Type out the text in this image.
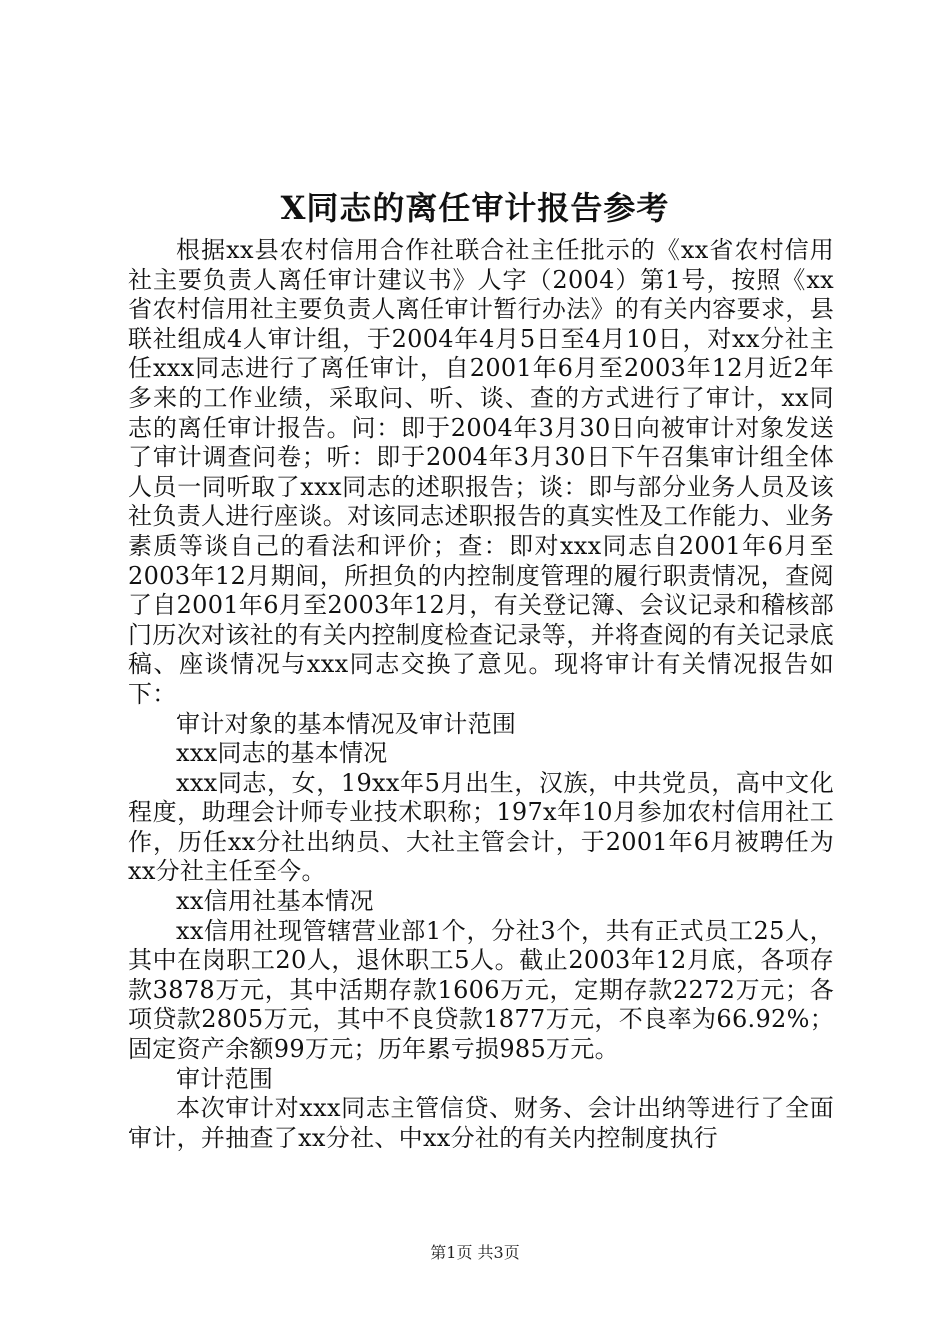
X同志的离任审计报告参考

根据xx县农村信用合作社联合社主任批示的《xx省农村信用社主要负责人离任审计建议书》人字（2004）第1号，按照《xx省农村信用社主要负责人离任审计暂行办法》的有关内容要求，县联社组成4人审计组，于2004年4月5日至4月10日，对xx分社主任xxx同志进行了离任审计，自2001年6月至2003年12月近2年多来的工作业绩，采取问、听、谈、查的方式进行了审计，xx同志的离任审计报告。问：即于2004年3月30日向被审计对象发送了审计调查问卷；听：即于2004年3月30日下午召集审计组全体人员一同听取了xxx同志的述职报告；谈：即与部分业务人员及该社负责人进行座谈。对该同志述职报告的真实性及工作能力、业务素质等谈自己的看法和评价；查：即对xxx同志自2001年6月至2003年12月期间，所担负的内控制度管理的履行职责情况，查阅了自2001年6月至2003年12月，有关登记簿、会议记录和稽核部门历次对该社的有关内控制度检查记录等，并将查阅的有关记录底稿、座谈情况与xxx同志交换了意见。现将审计有关情况报告如下：

审计对象的基本情况及审计范围

xxx同志的基本情况

xxx同志，女，19xx年5月出生，汉族，中共党员，高中文化程度，助理会计师专业技术职称；197x年10月参加农村信用社工作，历任xx分社出纳员、大社主管会计，于2001年6月被聘任为xx分社主任至今。

xx信用社基本情况

xx信用社现管辖营业部1个，分社3个，共有正式员工25人，其中在岗职工20人，退休职工5人。截止2003年12月底，各项存款3878万元，其中活期存款1606万元，定期存款2272万元；各项贷款2805万元，其中不良贷款1877万元，不良率为66.92%；固定资产余额99万元；历年累亏损985万元。

审计范围

本次审计对xxx同志主管信贷、财务、会计出纳等进行了全面审计，并抽查了xx分社、中xx分社的有关内控制度执行

第1页 共3页
